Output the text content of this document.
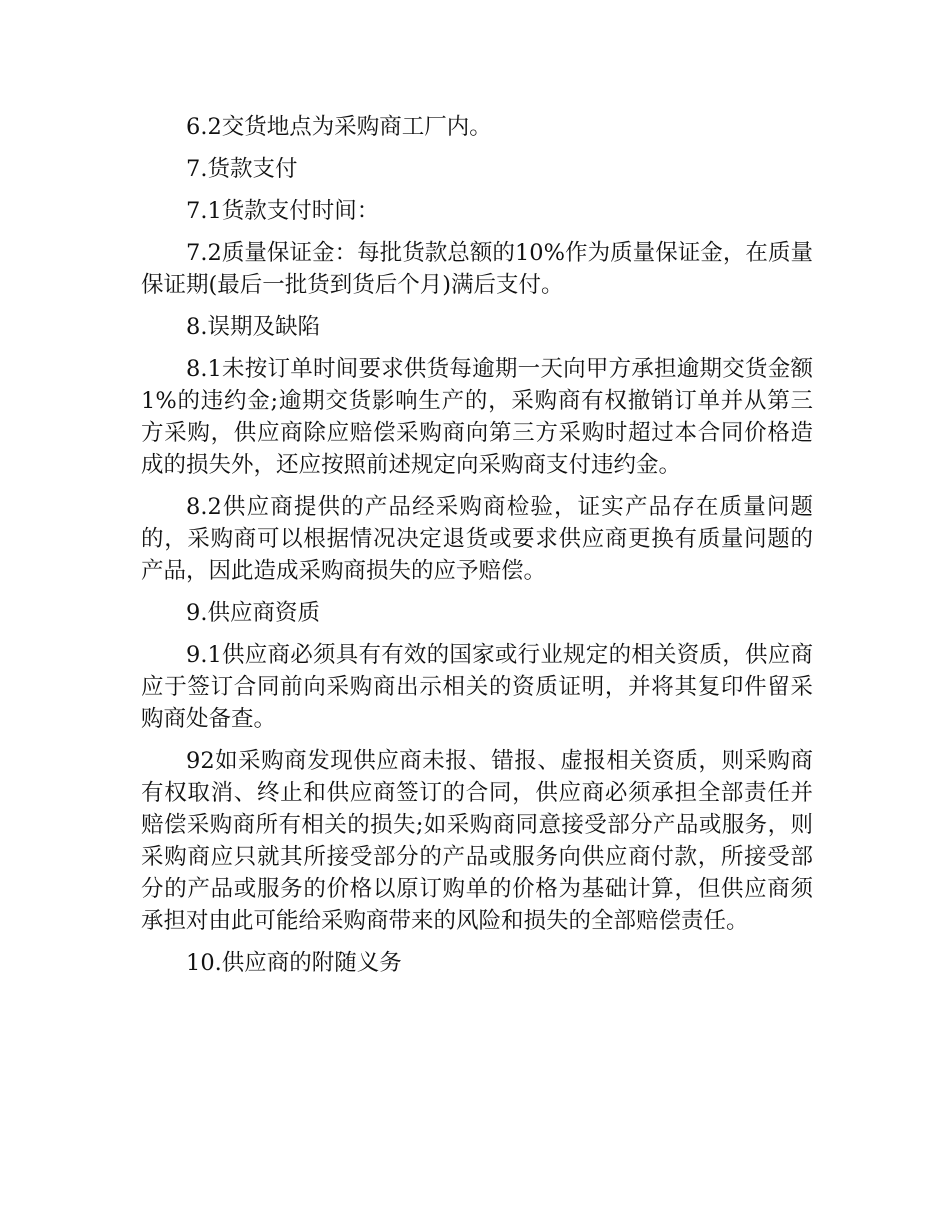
6.2交货地点为采购商工厂内。

7.货款支付

7.1货款支付时间：

7.2质量保证金：每批货款总额的10%作为质量保证金，在质量保证期(最后一批货到货后个月)满后支付。

8.误期及缺陷

8.1未按订单时间要求供货每逾期一天向甲方承担逾期交货金额1%的违约金;逾期交货影响生产的，采购商有权撤销订单并从第三方采购，供应商除应赔偿采购商向第三方采购时超过本合同价格造成的损失外，还应按照前述规定向采购商支付违约金。

8.2供应商提供的产品经采购商检验，证实产品存在质量问题的，采购商可以根据情况决定退货或要求供应商更换有质量问题的产品，因此造成采购商损失的应予赔偿。

9.供应商资质

9.1供应商必须具有有效的国家或行业规定的相关资质，供应商应于签订合同前向采购商出示相关的资质证明，并将其复印件留采购商处备查。

92如采购商发现供应商未报、错报、虚报相关资质，则采购商有权取消、终止和供应商签订的合同，供应商必须承担全部责任并赔偿采购商所有相关的损失;如采购商同意接受部分产品或服务，则采购商应只就其所接受部分的产品或服务向供应商付款，所接受部分的产品或服务的价格以原订购单的价格为基础计算，但供应商须承担对由此可能给采购商带来的风险和损失的全部赔偿责任。

10.供应商的附随义务
